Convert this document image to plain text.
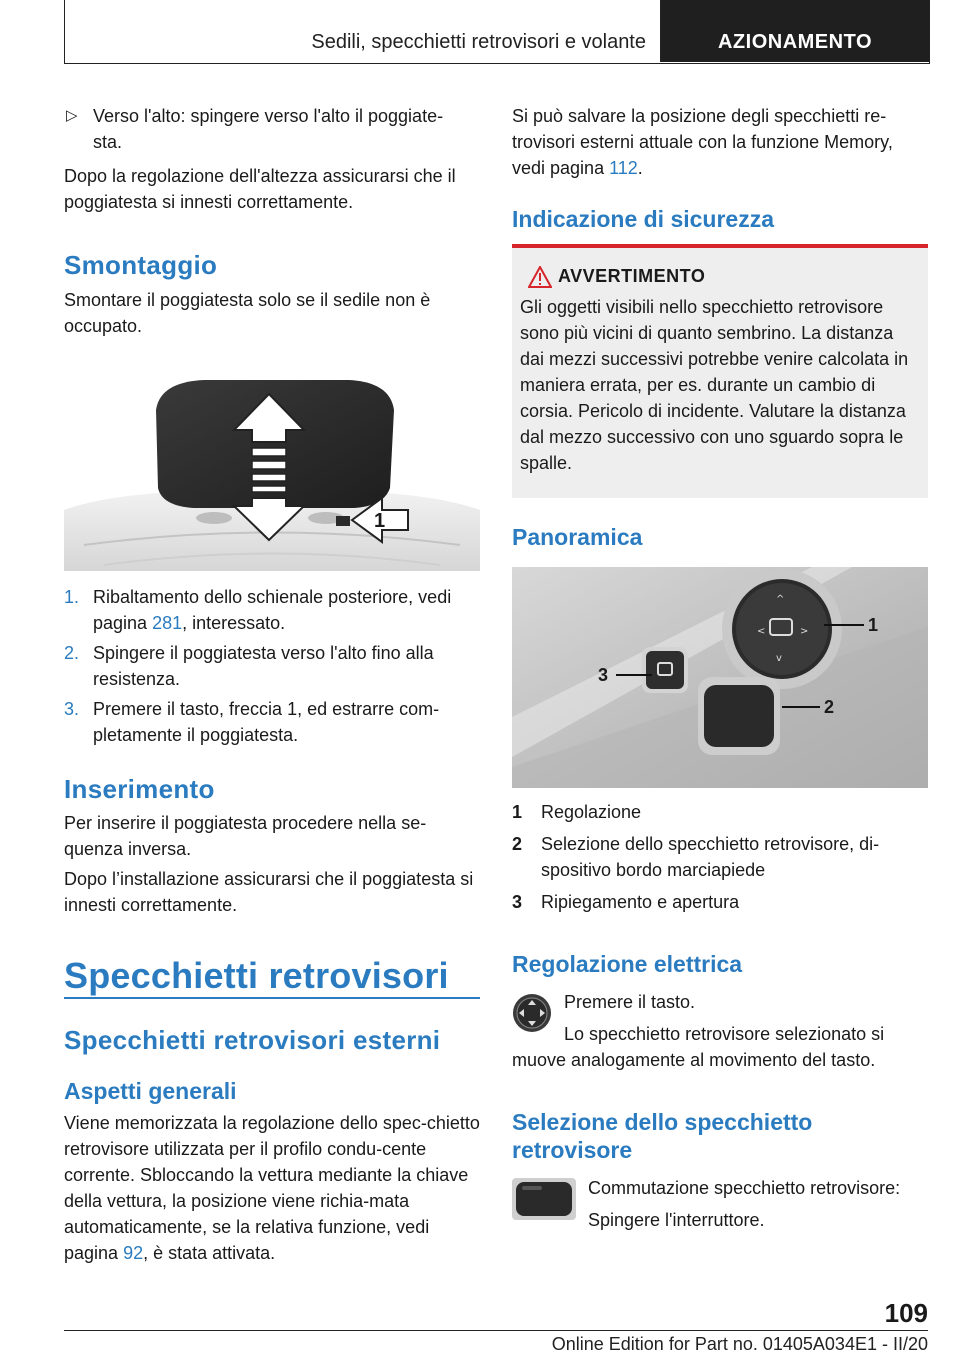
Sedili, specchietti retrovisori e volante	AZIONAMENTO
▷ Verso l'alto: spingere verso l'alto il poggiate-
sta.

Dopo la regolazione dell'altezza assicurarsi che il poggiatesta si innesti correttamente.

Smontaggio

Smontare il poggiatesta solo se il sedile non è occupato.

1
1. Ribaltamento dello schienale posteriore, vedi pagina 281, interessato.

2. Spingere il poggiatesta verso l'alto fino alla resistenza.

3. Premere il tasto, freccia 1, ed estrarre com-pletamente il poggiatesta.

Inserimento

Per inserire il poggiatesta procedere nella se-quenza inversa.

Dopo l’installazione assicurarsi che il poggiatesta si innesti correttamente.

Specchietti retrovisori
Specchietti retrovisori esterni
Aspetti generali

Viene memorizzata la regolazione dello spec-chietto retrovisore utilizzata per il profilo condu-cente corrente. Sbloccando la vettura mediante la chiave della vettura, la posizione viene richia-mata automaticamente, se la relativa funzione, vedi pagina 92, è stata attivata.

Si può salvare la posizione degli specchietti re-trovisori esterni attuale con la funzione Memory, vedi pagina 112.

Indicazione di sicurezza
AVVERTIMENTO

Gli oggetti visibili nello specchietto retrovisore sono più vicini di quanto sembrino. La distanza dai mezzi successivi potrebbe venire calcolata in maniera errata, per es. durante un cambio di corsia. Pericolo di incidente. Valutare la distanza dal mezzo successivo con uno sguardo sopra le spalle.

Panoramica
<	>
^
v
1
2
3
1 Regolazione

2 Selezione dello specchietto retrovisore, di-spositivo bordo marciapiede

3 Ripiegamento e apertura

Regolazione elettrica

Premere il tasto.

Lo specchietto retrovisore selezionato si muove analogamente al movimento del tasto.

Selezione dello specchietto retrovisore

Commutazione specchietto retrovisore:

Spingere l'interruttore.

109
Online Edition for Part no. 01405A034E1 - II/20
